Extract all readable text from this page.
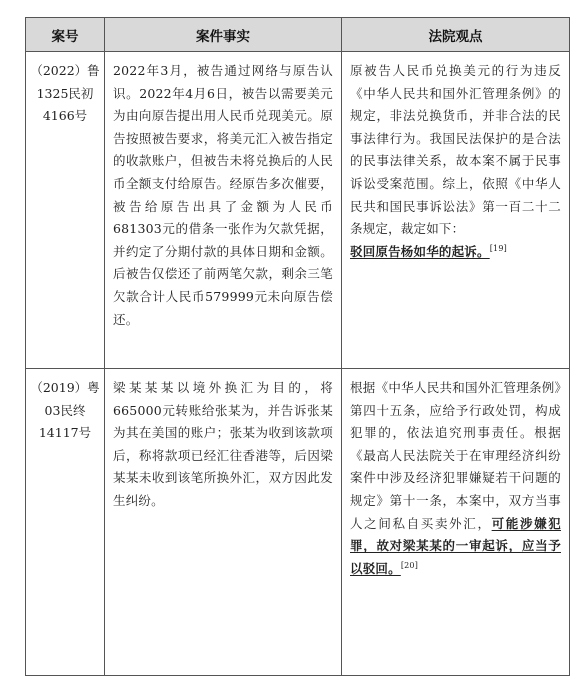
案号	案件事实	法院观点
（2022）鲁1325民初4166号	2022年3月，被告通过网络与原告认识。2022年4月6日，被告以需要美元为由向原告提出用人民币兑现美元。原告按照被告要求，将美元汇入被告指定的收款账户，但被告未将兑换后的人民币全额支付给原告。经原告多次催要，被告给原告出具了金额为人民币681303元的借条一张作为欠款凭据，并约定了分期付款的具体日期和金额。后被告仅偿还了前两笔欠款，剩余三笔欠款合计人民币579999元未向原告偿还。	原被告人民币兑换美元的行为违反《中华人民共和国外汇管理条例》的规定，非法兑换货币，并非合法的民事法律行为。我国民法保护的是合法的民事法律关系，故本案不属于民事诉讼受案范围。综上，依照《中华人民共和国民事诉讼法》第一百二十二条规定，裁定如下：
驳回原告杨如华的起诉。[19]
（2019）粤03民终14117号	梁某某某以境外换汇为目的，将665000元转账给张某为，并告诉张某为其在美国的账户；张某为收到该款项后，称将款项已经汇往香港等，后因梁某某未收到该笔所换外汇，双方因此发生纠纷。	根据《中华人民共和国外汇管理条例》第四十五条，应给予行政处罚，构成犯罪的，依法追究刑事责任。根据《最高人民法院关于在审理经济纠纷案件中涉及经济犯罪嫌疑若干问题的规定》第十一条，本案中，双方当事人之间私自买卖外汇，可能涉嫌犯罪，故对梁某某的一审起诉，应当予以驳回。[20]
